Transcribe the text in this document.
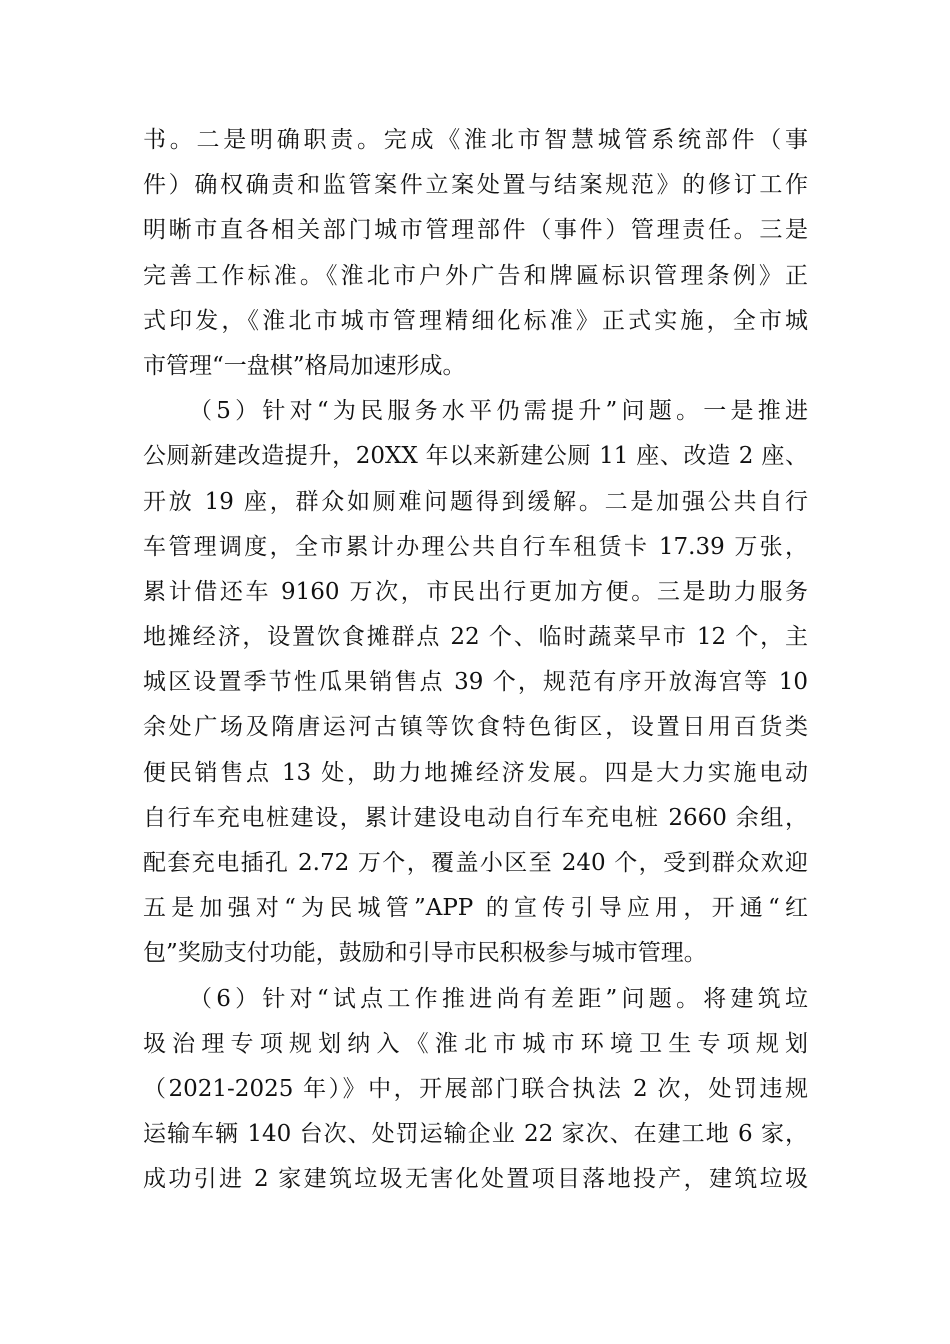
书。二是明确职责。完成《淮北市智慧城管系统部件（事
件）确权确责和监管案件立案处置与结案规范》的修订工作
明晰市直各相关部门城市管理部件（事件）管理责任。三是
完善工作标准。《淮北市户外广告和牌匾标识管理条例》正
式印发，《淮北市城市管理精细化标准》正式实施，全市城
市管理“一盘棋”格局加速形成。
（5）针对“为民服务水平仍需提升”问题。一是推进
公厕新建改造提升，20XX 年以来新建公厕 11 座、改造 2 座、
开放 19 座，群众如厕难问题得到缓解。二是加强公共自行
车管理调度，全市累计办理公共自行车租赁卡 17.39 万张，
累计借还车 9160 万次，市民出行更加方便。三是助力服务
地摊经济，设置饮食摊群点 22 个、临时蔬菜早市 12 个，主
城区设置季节性瓜果销售点 39 个，规范有序开放海宫等 10
余处广场及隋唐运河古镇等饮食特色街区，设置日用百货类
便民销售点 13 处，助力地摊经济发展。四是大力实施电动
自行车充电桩建设，累计建设电动自行车充电桩 2660 余组，
配套充电插孔 2.72 万个，覆盖小区至 240 个，受到群众欢迎
五是加强对“为民城管”APP 的宣传引导应用，开通“红
包”奖励支付功能，鼓励和引导市民积极参与城市管理。
（6）针对“试点工作推进尚有差距”问题。将建筑垃
圾治理专项规划纳入《淮北市城市环境卫生专项规划
（2021-2025 年）》中，开展部门联合执法 2 次，处罚违规
运输车辆 140 台次、处罚运输企业 22 家次、在建工地 6 家，
成功引进 2 家建筑垃圾无害化处置项目落地投产，建筑垃圾
